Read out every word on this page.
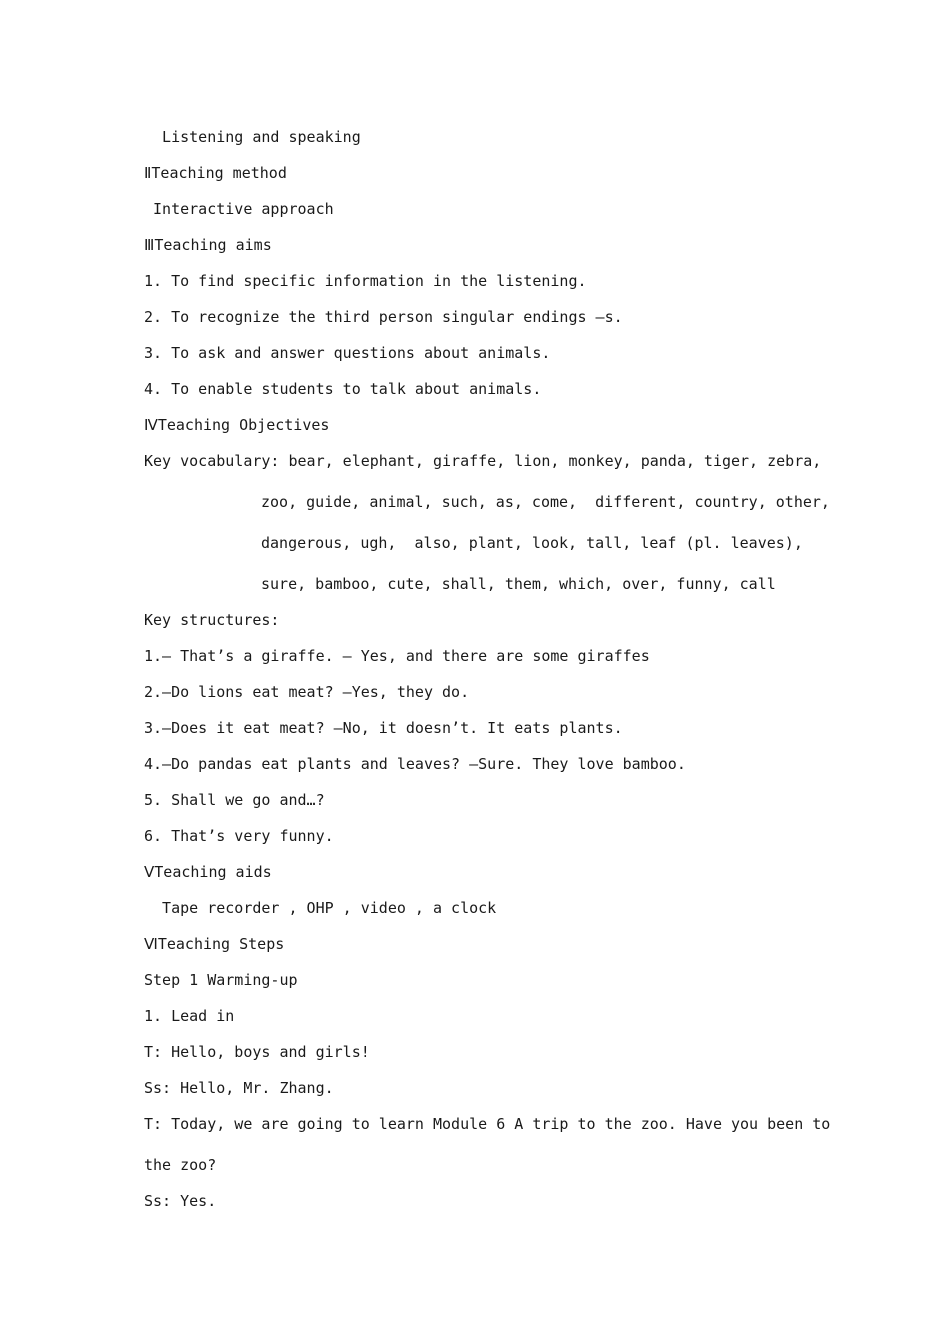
Listening and speaking
ⅡTeaching method
Interactive approach
ⅢTeaching aims
1. To find specific information in the listening.
2. To recognize the third person singular endings –s.
3. To ask and answer questions about animals.
4. To enable students to talk about animals.
ⅣTeaching Objectives
Key vocabulary: bear, elephant, giraffe, lion, monkey, panda, tiger, zebra,
zoo, guide, animal, such, as, come,  different, country, other,
dangerous, ugh,  also, plant, look, tall, leaf (pl. leaves),
sure, bamboo, cute, shall, them, which, over, funny, call
Key structures:
1.— That’s a giraffe. — Yes, and there are some giraffes
2.—Do lions eat meat? —Yes, they do.
3.—Does it eat meat? —No, it doesn’t. It eats plants.
4.—Do pandas eat plants and leaves? —Sure. They love bamboo.
5. Shall we go and…?
6. That’s very funny.
ⅤTeaching aids
Tape recorder , OHP , video , a clock
ⅥTeaching Steps
Step 1 Warming-up
1. Lead in
T: Hello, boys and girls!
Ss: Hello, Mr. Zhang.
T: Today, we are going to learn Module 6 A trip to the zoo. Have you been to
the zoo?
Ss: Yes.
